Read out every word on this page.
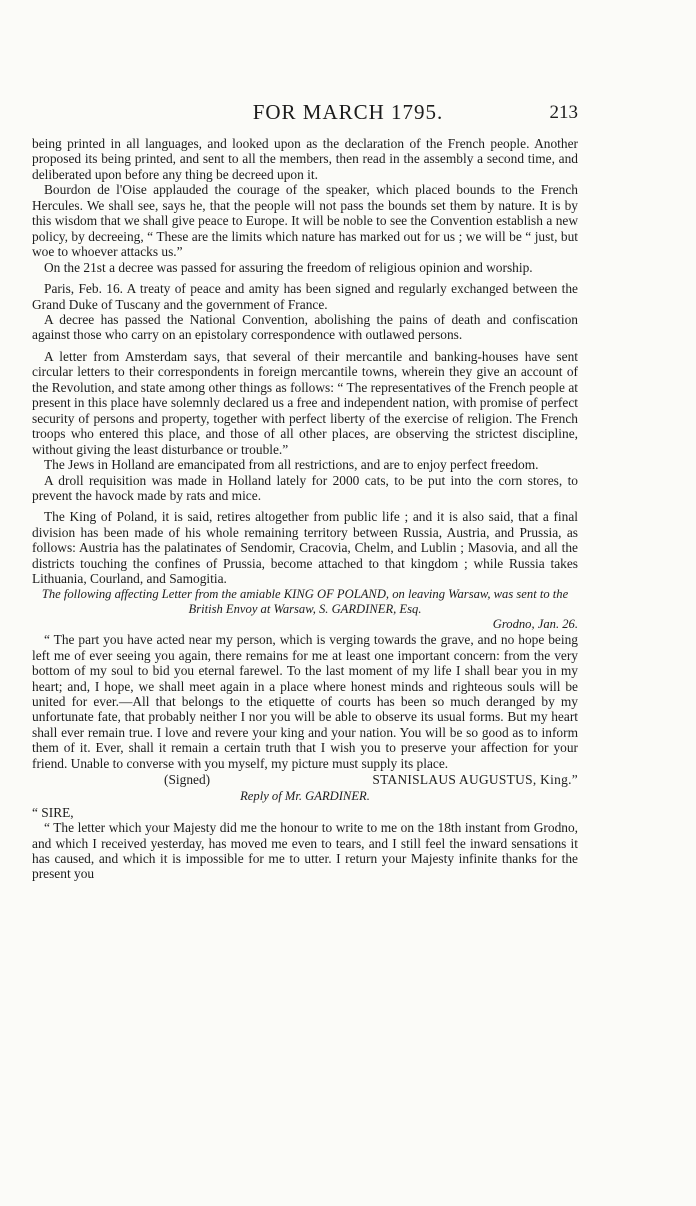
FOR MARCH 1795.	213

being printed in all languages, and looked upon as the declaration of the French people. Another proposed its being printed, and sent to all the members, then read in the assembly a second time, and deliberated upon before any thing be decreed upon it.

Bourdon de l'Oise applauded the courage of the speaker, which placed bounds to the French Hercules. We shall see, says he, that the people will not pass the bounds set them by nature. It is by this wisdom that we shall give peace to Europe. It will be noble to see the Convention establish a new policy, by decreeing, “ These are the limits which nature has marked out for us ; we will be “ just, but woe to whoever attacks us.”

On the 21st a decree was passed for assuring the freedom of religious opinion and worship.

Paris, Feb. 16. A treaty of peace and amity has been signed and regularly exchanged between the Grand Duke of Tuscany and the government of France.

A decree has passed the National Convention, abolishing the pains of death and confiscation against those who carry on an epistolary correspondence with outlawed persons.

A letter from Amsterdam says, that several of their mercantile and banking-houses have sent circular letters to their correspondents in foreign mercantile towns, wherein they give an account of the Revolution, and state among other things as follows: “ The representatives of the French people at present in this place have solemnly declared us a free and independent nation, with promise of perfect security of persons and property, together with perfect liberty of the exercise of religion. The French troops who entered this place, and those of all other places, are observing the strictest discipline, without giving the least disturbance or trouble.”

The Jews in Holland are emancipated from all restrictions, and are to enjoy perfect freedom.

A droll requisition was made in Holland lately for 2000 cats, to be put into the corn stores, to prevent the havock made by rats and mice.

The King of Poland, it is said, retires altogether from public life ; and it is also said, that a final division has been made of his whole remaining territory between Russia, Austria, and Prussia, as follows: Austria has the palatinates of Sendomir, Cracovia, Chelm, and Lublin ; Masovia, and all the districts touching the confines of Prussia, become attached to that kingdom ; while Russia takes Lithuania, Courland, and Samogitia.

The following affecting Letter from the amiable KING OF POLAND, on leaving Warsaw, was sent to the British Envoy at Warsaw, S. GARDINER, Esq.

Grodno, Jan. 26.

“ The part you have acted near my person, which is verging towards the grave, and no hope being left me of ever seeing you again, there remains for me at least one important concern: from the very bottom of my soul to bid you eternal farewel. To the last moment of my life I shall bear you in my heart; and, I hope, we shall meet again in a place where honest minds and righteous souls will be united for ever.—All that belongs to the etiquette of courts has been so much deranged by my unfortunate fate, that probably neither I nor you will be able to observe its usual forms. But my heart shall ever remain true. I love and revere your king and your nation. You will be so good as to inform them of it. Ever, shall it remain a certain truth that I wish you to preserve your affection for your friend. Unable to converse with you myself, my picture must supply its place.

(Signed)	STANISLAUS AUGUSTUS, King.”

Reply of Mr. GARDINER.

“ SIRE,

“ The letter which your Majesty did me the honour to write to me on the 18th instant from Grodno, and which I received yesterday, has moved me even to tears, and I still feel the inward sensations it has caused, and which it is impossible for me to utter. I return your Majesty infinite thanks for the present you
